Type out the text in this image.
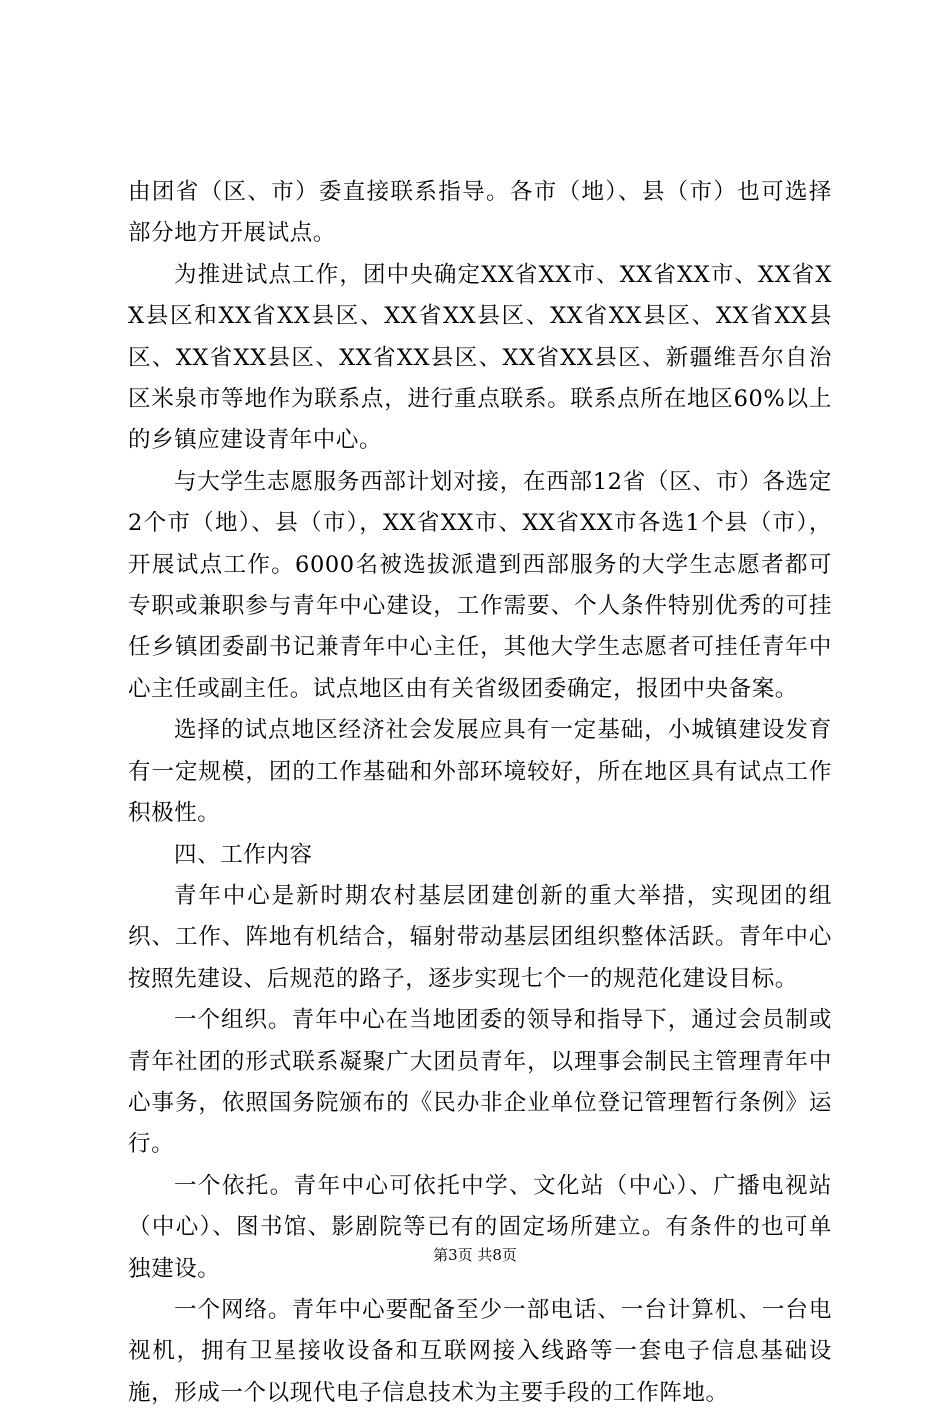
由团省（区、市）委直接联系指导。各市（地）、县（市）也可选择部分地方开展试点。

为推进试点工作，团中央确定XX省XX市、XX省XX市、XX省XX县区和XX省XX县区、XX省XX县区、XX省XX县区、XX省XX县区、XX省XX县区、XX省XX县区、XX省XX县区、新疆维吾尔自治区米泉市等地作为联系点，进行重点联系。联系点所在地区60%以上的乡镇应建设青年中心。

与大学生志愿服务西部计划对接，在西部12省（区、市）各选定2个市（地）、县（市），XX省XX市、XX省XX市各选1个县（市），开展试点工作。6000名被选拔派遣到西部服务的大学生志愿者都可专职或兼职参与青年中心建设，工作需要、个人条件特别优秀的可挂任乡镇团委副书记兼青年中心主任，其他大学生志愿者可挂任青年中心主任或副主任。试点地区由有关省级团委确定，报团中央备案。

选择的试点地区经济社会发展应具有一定基础，小城镇建设发育有一定规模，团的工作基础和外部环境较好，所在地区具有试点工作积极性。

四、工作内容

青年中心是新时期农村基层团建创新的重大举措，实现团的组织、工作、阵地有机结合，辐射带动基层团组织整体活跃。青年中心按照先建设、后规范的路子，逐步实现七个一的规范化建设目标。

一个组织。青年中心在当地团委的领导和指导下，通过会员制或青年社团的形式联系凝聚广大团员青年，以理事会制民主管理青年中心事务，依照国务院颁布的《民办非企业单位登记管理暂行条例》运行。

一个依托。青年中心可依托中学、文化站（中心）、广播电视站（中心）、图书馆、影剧院等已有的固定场所建立。有条件的也可单独建设。

一个网络。青年中心要配备至少一部电话、一台计算机、一台电视机，拥有卫星接收设备和互联网接入线路等一套电子信息基础设施，形成一个以现代电子信息技术为主要手段的工作阵地。

第3页 共8页
